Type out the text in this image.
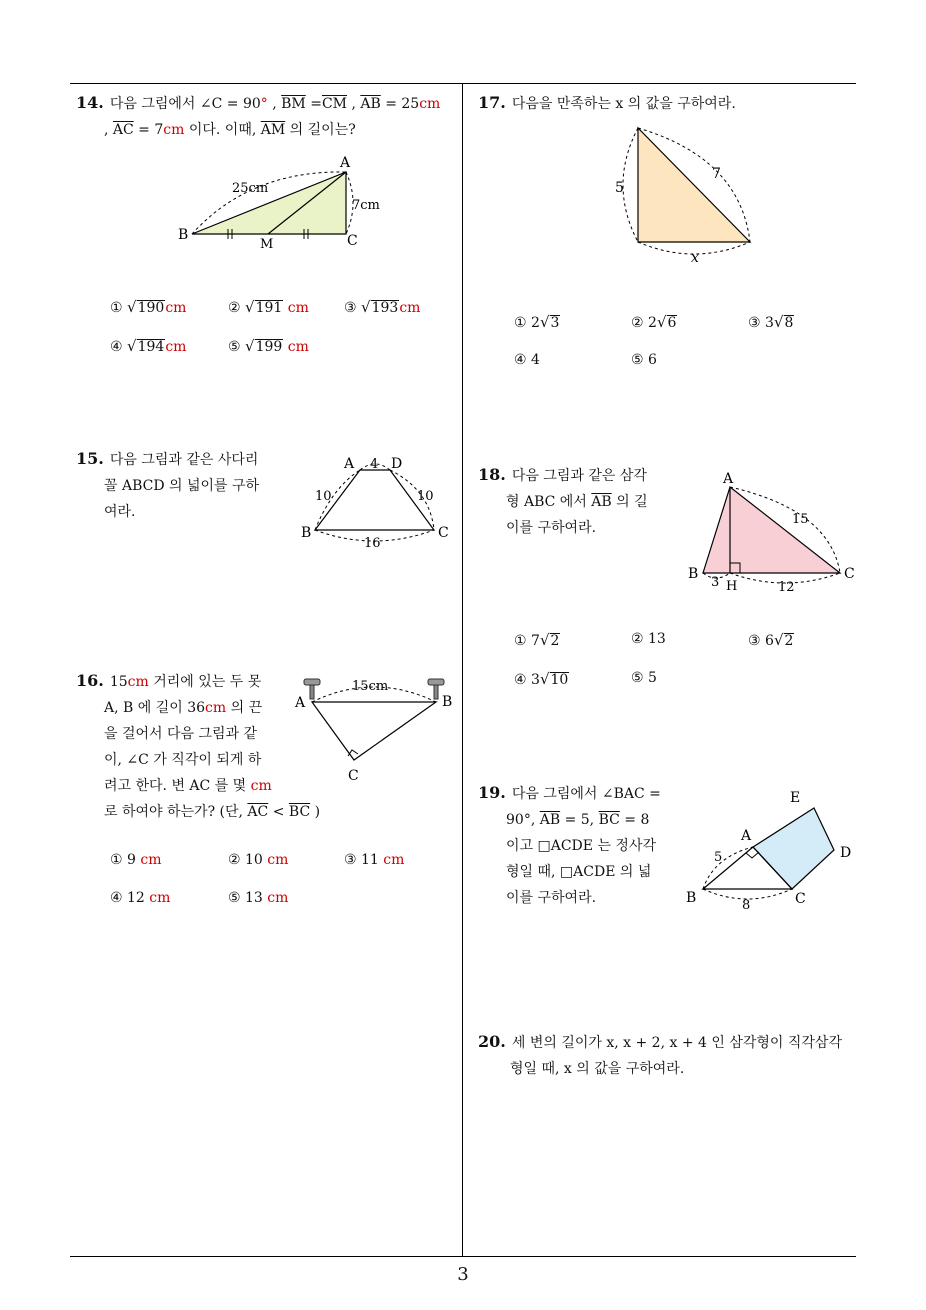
3
14. 다음 그림에서 ∠C = 90° , $\overline{BM} =\overline{CM}$ , $\overline{AB} = 25cm$
, $\overline{AC} = 7cm$ 이다. 이때, $\overline{AM}$ 의 길이는?
A
B	C
M
25cm
7cm
① √190cm	② √191 cm	③ √193cm
④ √194cm	⑤ √199 cm
15. 다음 그림과 같은 사다리
꼴 ABCD 의 넓이를 구하
여라.
A	D
B	C
4
10	10
16
16. 15cm 거리에 있는 두 못
A, B 에 길이 36cm 의 끈
을 걸어서 다음 그림과 같
이, ∠C 가 직각이 되게 하
려고 한다. 변 AC 를 몇 cm
로 하여야 하는가? (단, $\overline{AC} < \overline{BC}$ )
A	B
C
15cm
① 9 cm	② 10 cm	③ 11 cm
④ 12 cm	⑤ 13 cm
17. 다음을 만족하는 x 의 값을 구하여라.
5
7
x
① 2√3	② 2√6	③ 3√8
④ 4	⑤ 6
18. 다음 그림과 같은 삼각
형 ABC 에서 $\overline{AB}$ 의 길
이를 구하여라.
A
B	C
H
15
3	12
① 7√2	② 13	③ 6√2
④ 3√10	⑤ 5
19. 다음 그림에서 ∠BAC =
90°, $\overline{AB} = 5$, $\overline{BC} = 8$
이고 □ACDE 는 정사각
형일 때, □ACDE 의 넓
이를 구하여라.
A
B	C
D
E
5
8
20. 세 변의 길이가 x, x + 2, x + 4 인 삼각형이 직각삼각
형일 때, x 의 값을 구하여라.
